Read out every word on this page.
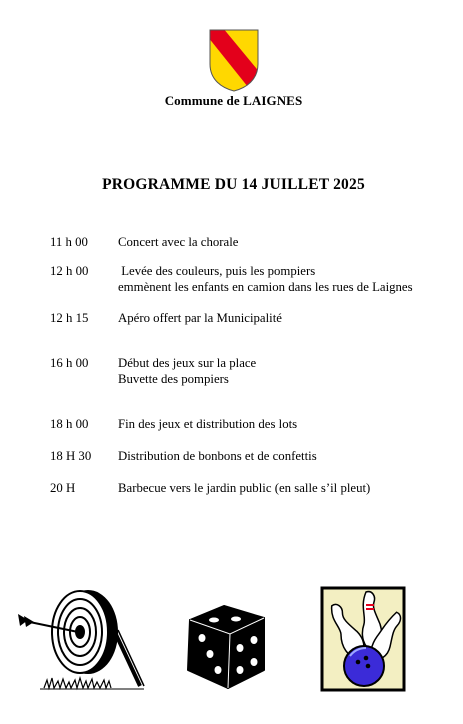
Commune de LAIGNES
PROGRAMME DU 14 JUILLET 2025
11 h 00 Concert avec la chorale
12 h 00 Levée des couleurs, puis les pompiers
emmènent les enfants en camion dans les rues de Laignes
12 h 15 Apéro offert par la Municipalité
16 h 00 Début des jeux sur la place
Buvette des pompiers
18 h 00 Fin des jeux et distribution des lots
18 H 30 Distribution de bonbons et de confettis
20 H	Barbecue vers le jardin public (en salle s’il pleut)
